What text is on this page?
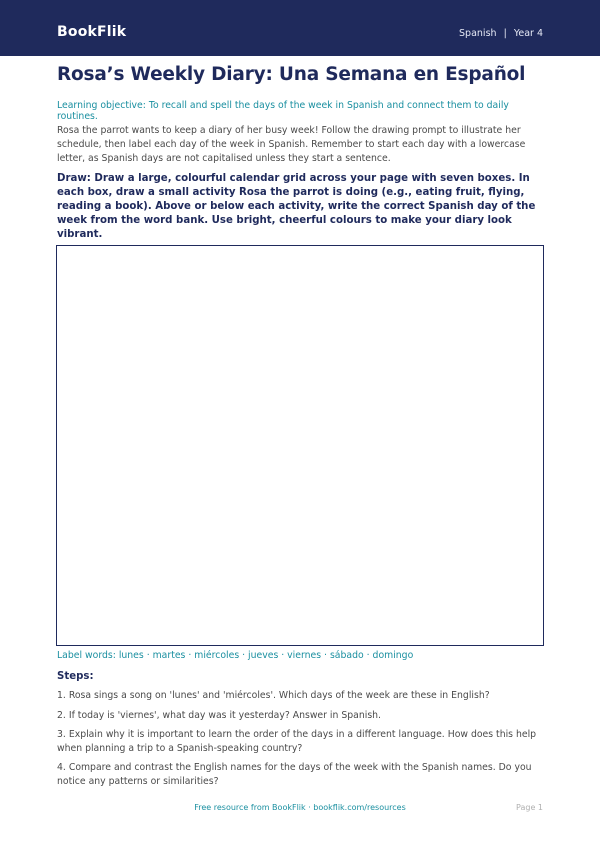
BookFlik	Spanish | Year 4
Rosa’s Weekly Diary: Una Semana en Español
Learning objective: To recall and spell the days of the week in Spanish and connect them to daily routines.
Rosa the parrot wants to keep a diary of her busy week! Follow the drawing prompt to illustrate her schedule, then label each day of the week in Spanish. Remember to start each day with a lowercase letter, as Spanish days are not capitalised unless they start a sentence.
Draw: Draw a large, colourful calendar grid across your page with seven boxes. In each box, draw a small activity Rosa the parrot is doing (e.g., eating fruit, flying, reading a book). Above or below each activity, write the correct Spanish day of the week from the word bank. Use bright, cheerful colours to make your diary look vibrant.
Label words: lunes · martes · miércoles · jueves · viernes · sábado · domingo
Steps:
1. Rosa sings a song on 'lunes' and 'miércoles'. Which days of the week are these in English?
2. If today is 'viernes', what day was it yesterday? Answer in Spanish.
3. Explain why it is important to learn the order of the days in a different language. How does this help when planning a trip to a Spanish-speaking country?
4. Compare and contrast the English names for the days of the week with the Spanish names. Do you notice any patterns or similarities?
Free resource from BookFlik · bookflik.com/resources	Page 1
